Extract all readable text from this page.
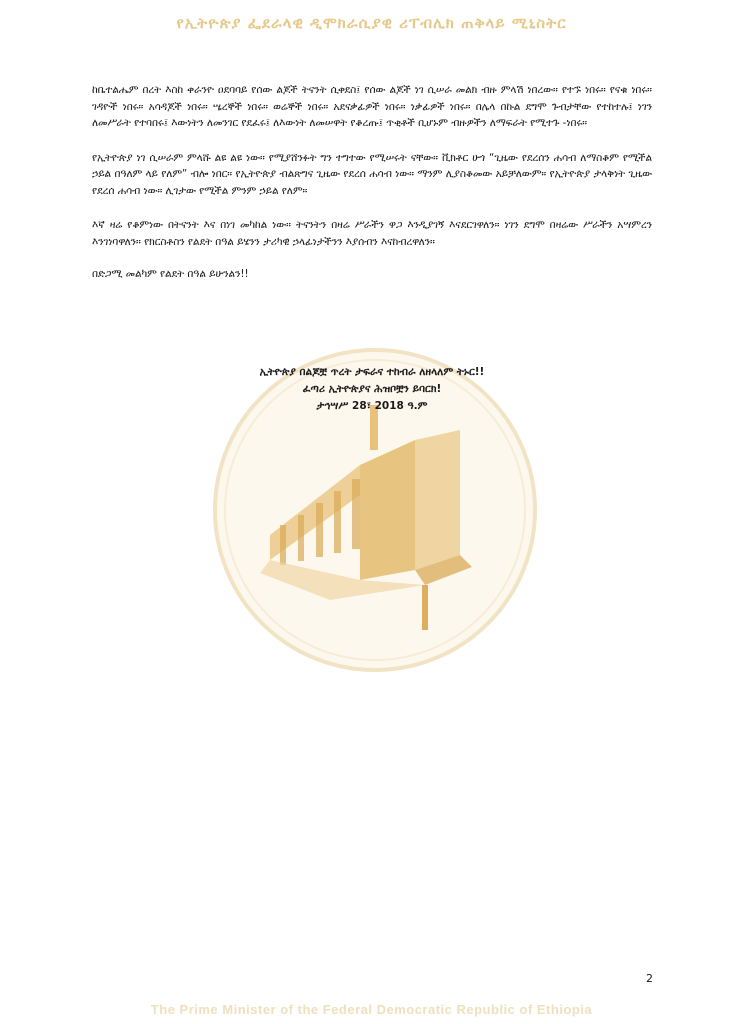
የኢትዮጵያ ፌደራላዊ ዲሞክራሲያዊ ሪፐብሊክ ጠቅላይ ሚኒስትር

ከቤተልሔም በረት እስከ ቀራንዮ ዐደባባይ የሰው ልጆች ትናንት ሲቀደስ፤ የሰው ልጆች ነገ ሲሠራ መልክ ብዙ ምላሽ ነበረው። የተኙ ነበሩ። የናቁ ነበሩ። ገዳዮች ነበሩ። አሳዳጆች ነበሩ። ሤረኞች ነበሩ። ወሬኞች ነበሩ። አደናቃፊዎች ነበሩ። ነቃፊዎች ነበሩ። በሌላ በኩል ደግሞ ጉብታቸው የተከተሉ፤ ነገን ለመሥራት የተባበሩ፤ እውነትን ለመንገር የደፈሩ፤ ለእውነት ለመሠዋት የቆረጡ፤ ጥቂቶች ቢሆኑም ብዙዎችን ለማፍራት የሚተጉ -ነበሩ።

የኢትዮጵያ ነገ ሲሠራም ምላሹ ልዩ ልዩ ነው። የሚያሸንፉት ግን ተግተው የሚሠሩት ናቸው። ቪክቶር ሁጎ “ጊዜው የደረሰን ሐሳብ ለማስቆም የሚችል ኃይል በዓለም ላይ የለም” ብሎ ነበር። የኢትዮጵያ ብልጽግና ጊዜው የደረሰ ሐሳብ ነው። ማንም ሊያስቆመው አይቻለውም። የኢትዮጵያ ታላቅነት ጊዜው የደረሰ ሐሳብ ነው። ሊገታው የሚችል ምንም ኃይል የለም።

እኛ ዛሬ የቆምነው በትናንት እና በነገ መካከል ነው። ትናንትን በዛሬ ሥራችን ዋጋ እንዲያገኝ እናደርገዋለን። ነገን ደግሞ በዛሬው ሥራችን አሣምረን እንገነባዋለን። የክርስቶስን የልደት በዓል ይሄንን ታሪካዊ ኃላፊነታችንን እያሰብን እናከብረዋለን።

በድጋሚ መልካም የልደት በዓል ይሁንልን!!

ኢትዮጵያ በልጆቿ ጥረት ታፍራና ተከብራ ለዘላለም ትኑር!!
ፈጣሪ ኢትዮጵያና ሕዝቦቿን ይባርክ!
ታኅሣሥ 28፣ 2018 ዓ.ም
2
The Prime Minister of the Federal Democratic Republic of Ethiopia
